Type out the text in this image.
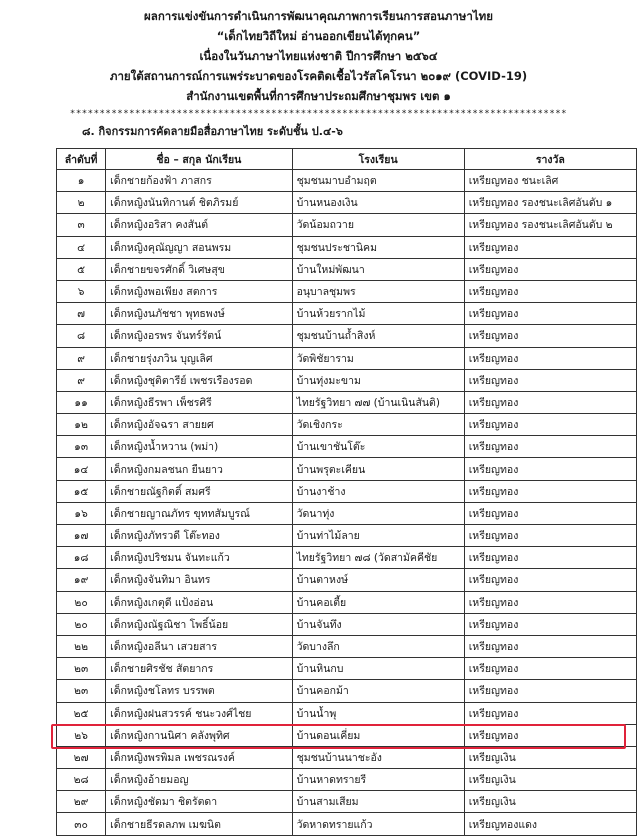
ผลการแข่งขันการดำเนินการพัฒนาคุณภาพการเรียนการสอนภาษาไทย
“เด็กไทยวิถีใหม่ อ่านออกเขียนได้ทุกคน”
เนื่องในวันภาษาไทยแห่งชาติ ปีการศึกษา ๒๕๖๔
ภายใต้สถานการณ์การแพร่ระบาดของโรคติดเชื้อไวรัสโคโรนา ๒๐๑๙ (COVID-19)
สำนักงานเขตพื้นที่การศึกษาประถมศึกษาชุมพร เขต ๑
************************************************************************************
๘. กิจกรรมการคัดลายมือสื่อภาษาไทย ระดับชั้น ป.๔-๖
ลำดับที่	ชื่อ – สกุล นักเรียน	โรงเรียน	รางวัล
๑	เด็กชายก้องฟ้า ภาสกร	ชุมชนมาบอำมฤต	เหรียญทอง ชนะเลิศ
๒	เด็กหญิงนันทิกานต์ ชิตภิรมย์	บ้านหนองเงิน	เหรียญทอง รองชนะเลิศอันดับ ๑
๓	เด็กหญิงอริสา คงสันต์	วัดน้อมถวาย	เหรียญทอง รองชนะเลิศอันดับ ๒
๔	เด็กหญิงคุณัญญา สอนพรม	ชุมชนประชานิคม	เหรียญทอง
๕	เด็กชายขจรศักดิ์ วิเศษสุข	บ้านใหม่พัฒนา	เหรียญทอง
๖	เด็กหญิงพอเพียง สตการ	อนุบาลชุมพร	เหรียญทอง
๗	เด็กหญิงนภัชชา พุทธพงษ์	บ้านห้วยรากไม้	เหรียญทอง
๘	เด็กหญิงอรพร จันทร์รัตน์	ชุมชนบ้านถ้ำสิงห์	เหรียญทอง
๙	เด็กชายรุ่งภวิน บุญเลิศ	วัดพิชัยาราม	เหรียญทอง
๙	เด็กหญิงชุติตารีย์ เพชรเรืองรอด	บ้านทุ่งมะขาม	เหรียญทอง
๑๑	เด็กหญิงธีรพา เพ็ชรศิรี	ไทยรัฐวิทยา ๗๗ (บ้านเนินสันติ)	เหรียญทอง
๑๒	เด็กหญิงอัจฉรา สายยศ	วัดเชิงกระ	เหรียญทอง
๑๓	เด็กหญิงน้ำหวาน (พม่า)	บ้านเขาชันโต๊ะ	เหรียญทอง
๑๔	เด็กหญิงกมลชนก ยืนยาว	บ้านพรุตะเคียน	เหรียญทอง
๑๕	เด็กชายณัฐกิตติ์ สมศรี	บ้านงาช้าง	เหรียญทอง
๑๖	เด็กชายญาณภัทร ขุททสัมบูรณ์	วัดนาทุ่ง	เหรียญทอง
๑๗	เด็กหญิงภัทรวดี โต๊ะทอง	บ้านท่าไม้ลาย	เหรียญทอง
๑๘	เด็กหญิงปริชมน จันทะแก้ว	ไทยรัฐวิทยา ๗๘ (วัดสามัคคีชัย	เหรียญทอง
๑๙	เด็กหญิงจันทิมา อินทร	บ้านตาหงษ์	เหรียญทอง
๒๐	เด็กหญิงเกตุดี แป้งอ่อน	บ้านคอเตี้ย	เหรียญทอง
๒๐	เด็กหญิงณัฐณิชา โพธิ์น้อย	บ้านจันทึง	เหรียญทอง
๒๒	เด็กหญิงอลีนา เสวยสาร	วัดบางลึก	เหรียญทอง
๒๓	เด็กชายศิรชัช สัตยากร	บ้านหินกบ	เหรียญทอง
๒๓	เด็กหญิงชโลทร บรรพต	บ้านคอกม้า	เหรียญทอง
๒๕	เด็กหญิงฝนสวรรค์ ชนะวงศ์ไชย	บ้านน้ำพุ	เหรียญทอง
๒๖	เด็กหญิงกานนิศา คลังพุทิศ	บ้านดอนเคี่ยม	เหรียญทอง
๒๗	เด็กหญิงพรพิมล เพชรณรงค์	ชุมชนบ้านนาชะอัง	เหรียญเงิน
๒๘	เด็กหญิงอ้ายมอญ	บ้านหาดทรายรี	เหรียญเงิน
๒๙	เด็กหญิงชัดมา ชิตรัตดา	บ้านสามเสียม	เหรียญเงิน
๓๐	เด็กชายธีรดลภพ เมฆนิต	วัดหาดทรายแก้ว	เหรียญทองแดง
